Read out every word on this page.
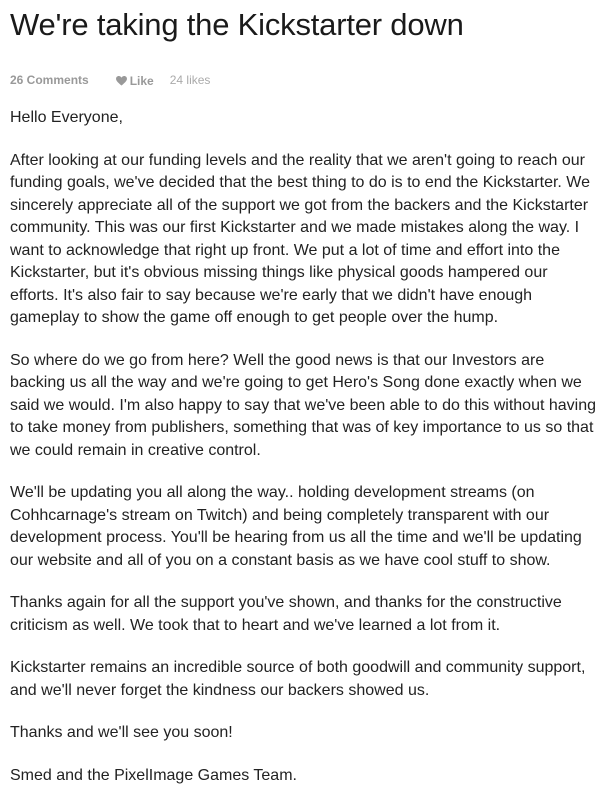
We're taking the Kickstarter down
26 Comments	Like 24 likes

Hello Everyone,

After looking at our funding levels and the reality that we aren't going to reach our funding goals, we've decided that the best thing to do is to end the Kickstarter. We sincerely appreciate all of the support we got from the backers and the Kickstarter community. This was our first Kickstarter and we made mistakes along the way. I want to acknowledge that right up front. We put a lot of time and effort into the Kickstarter, but it's obvious missing things like physical goods hampered our efforts. It's also fair to say because we're early that we didn't have enough gameplay to show the game off enough to get people over the hump.

So where do we go from here? Well the good news is that our Investors are backing us all the way and we're going to get Hero's Song done exactly when we said we would. I'm also happy to say that we've been able to do this without having to take money from publishers, something that was of key importance to us so that we could remain in creative control.

We'll be updating you all along the way.. holding development streams (on Cohhcarnage's stream on Twitch) and being completely transparent with our development process. You'll be hearing from us all the time and we'll be updating our website and all of you on a constant basis as we have cool stuff to show.

Thanks again for all the support you've shown, and thanks for the constructive criticism as well. We took that to heart and we've learned a lot from it.

Kickstarter remains an incredible source of both goodwill and community support, and we'll never forget the kindness our backers showed us.

Thanks and we'll see you soon!

Smed and the PixelImage Games Team.
